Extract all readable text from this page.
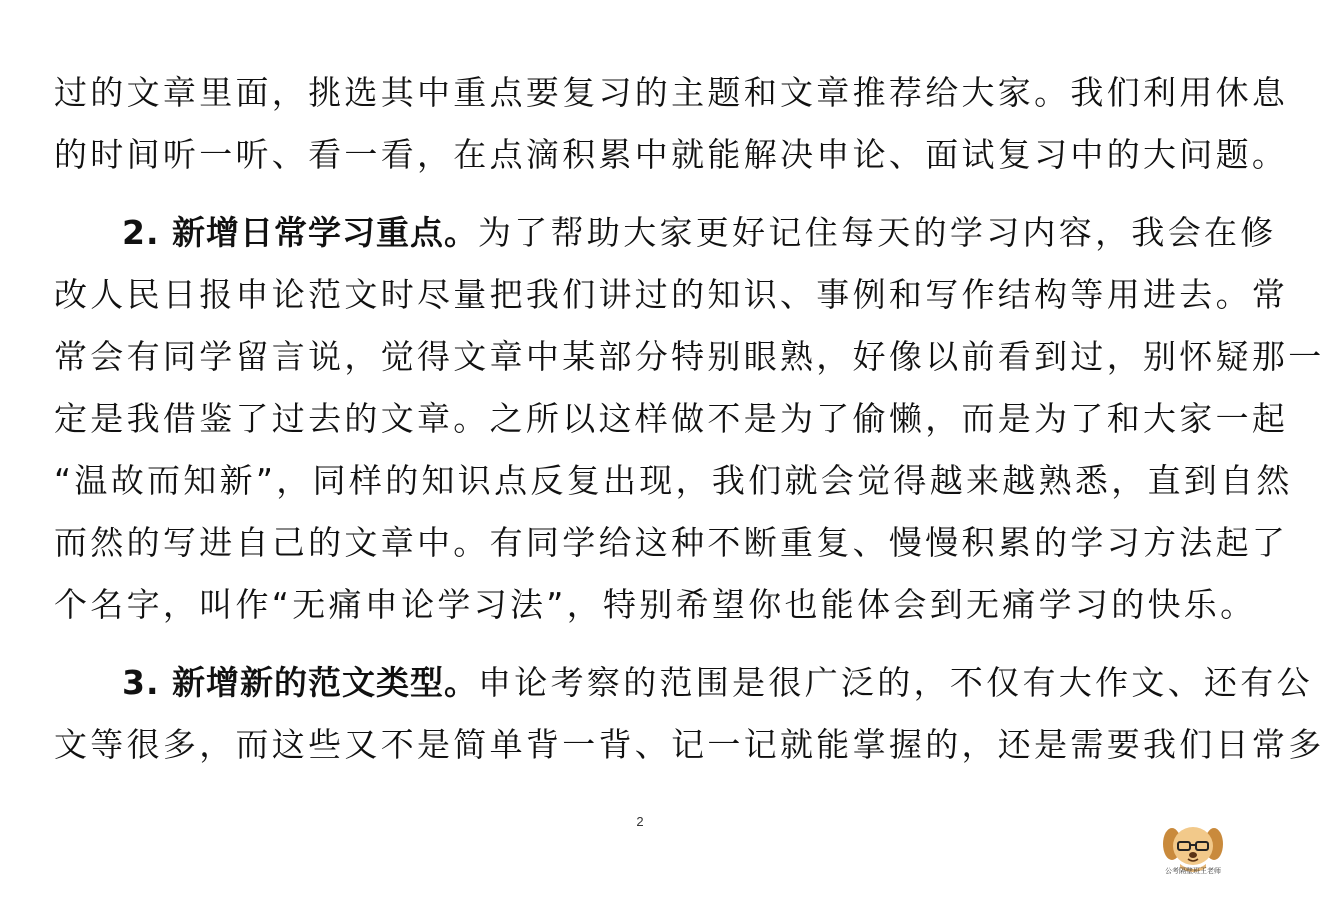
过的文章里面，挑选其中重点要复习的主题和文章推荐给大家。我们利用休息
的时间听一听、看一看，在点滴积累中就能解决申论、面试复习中的大问题。
2. 新增日常学习重点。为了帮助大家更好记住每天的学习内容，我会在修
改人民日报申论范文时尽量把我们讲过的知识、事例和写作结构等用进去。常
常会有同学留言说，觉得文章中某部分特别眼熟，好像以前看到过，别怀疑那一
定是我借鉴了过去的文章。之所以这样做不是为了偷懒，而是为了和大家一起
“温故而知新”，同样的知识点反复出现，我们就会觉得越来越熟悉，直到自然
而然的写进自己的文章中。有同学给这种不断重复、慢慢积累的学习方法起了
个名字，叫作“无痛申论学习法”，特别希望你也能体会到无痛学习的快乐。
3. 新增新的范文类型。申论考察的范围是很广泛的，不仅有大作文、还有公
文等很多，而这些又不是简单背一背、记一记就能掌握的，还是需要我们日常多
2
公考隔壁班王老师
